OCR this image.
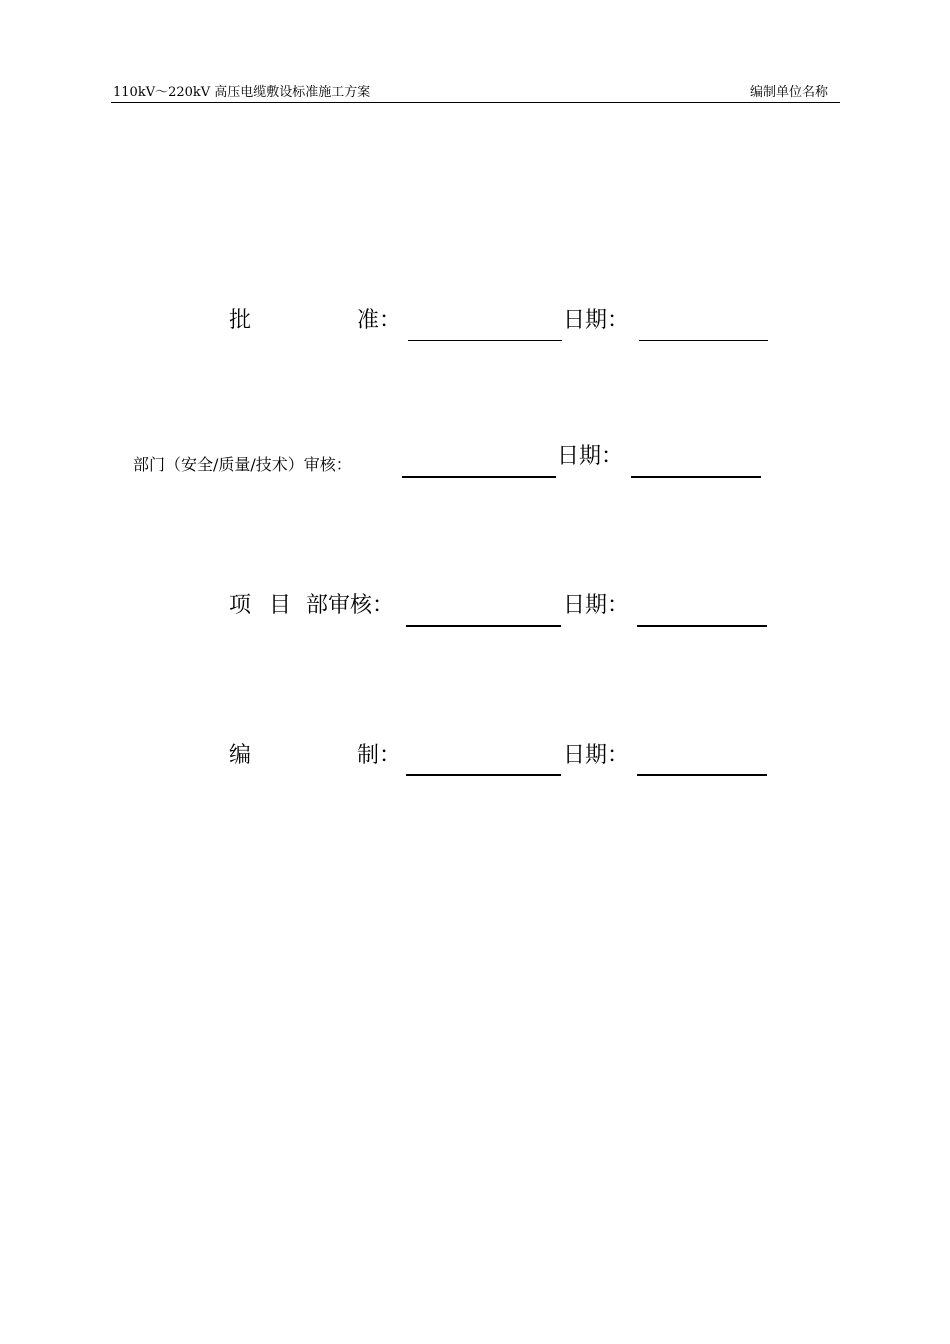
110kV～220kV 高压电缆敷设标准施工方案	编制单位名称
批	准：	日期：
部门（安全/质量/技术）审核：	日期：
项 目 部审核：	日期：
编	制：	日期：
